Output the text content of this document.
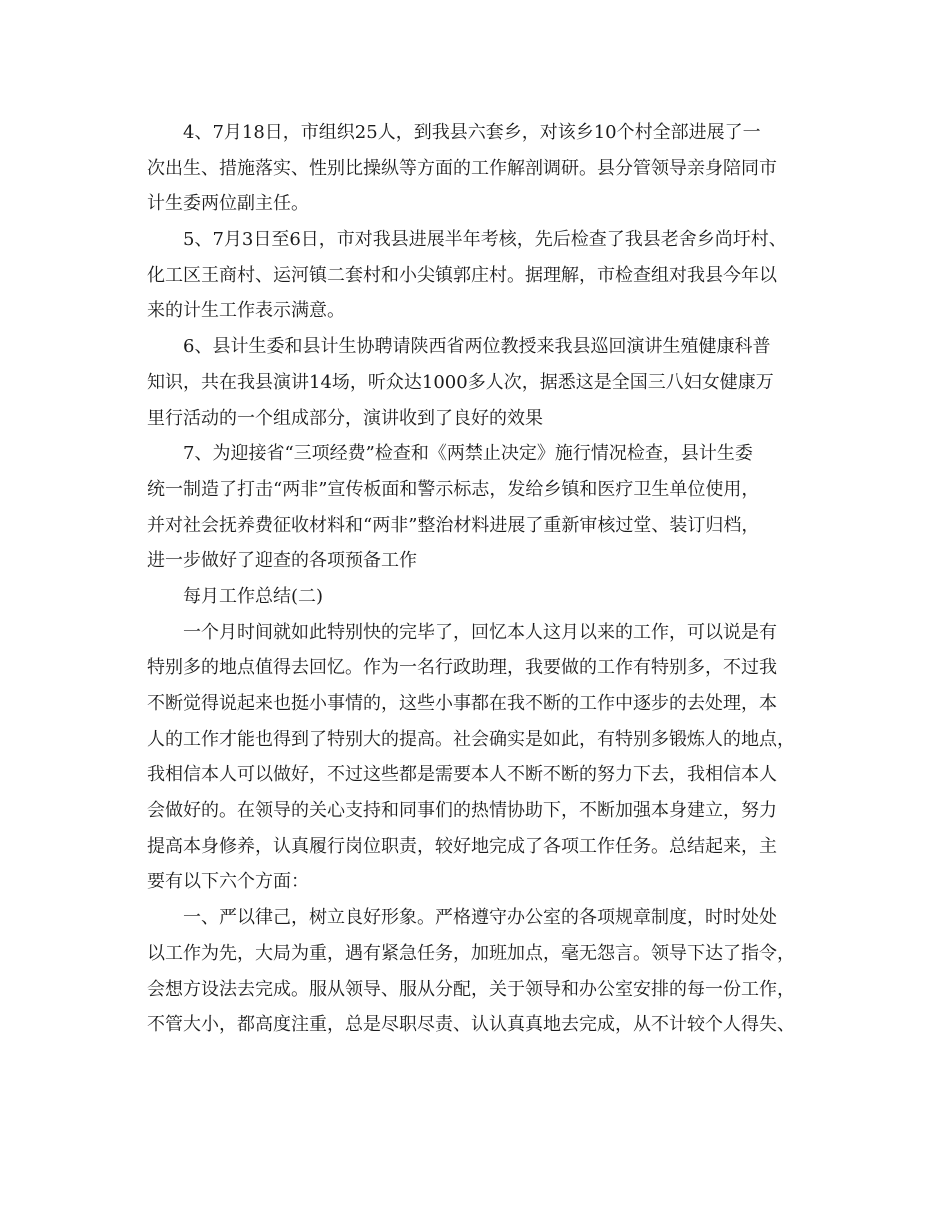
4、7月18日，市组织25人，到我县六套乡，对该乡10个村全部进展了一
次出生、措施落实、性别比操纵等方面的工作解剖调研。县分管领导亲身陪同市
计生委两位副主任。
5、7月3日至6日，市对我县进展半年考核，先后检查了我县老舍乡尚圩村、
化工区王商村、运河镇二套村和小尖镇郭庄村。据理解，市检查组对我县今年以
来的计生工作表示满意。
6、县计生委和县计生协聘请陕西省两位教授来我县巡回演讲生殖健康科普
知识，共在我县演讲14场，听众达1000多人次，据悉这是全国三八妇女健康万
里行活动的一个组成部分，演讲收到了良好的效果
7、为迎接省“三项经费”检查和《两禁止决定》施行情况检查，县计生委
统一制造了打击“两非”宣传板面和警示标志，发给乡镇和医疗卫生单位使用，
并对社会抚养费征收材料和“两非”整治材料进展了重新审核过堂、装订归档，
进一步做好了迎查的各项预备工作
每月工作总结(二)
一个月时间就如此特别快的完毕了，回忆本人这月以来的工作，可以说是有
特别多的地点值得去回忆。作为一名行政助理，我要做的工作有特别多，不过我
不断觉得说起来也挺小事情的，这些小事都在我不断的工作中逐步的去处理，本
人的工作才能也得到了特别大的提高。社会确实是如此，有特别多锻炼人的地点，
我相信本人可以做好，不过这些都是需要本人不断不断的努力下去，我相信本人
会做好的。在领导的关心支持和同事们的热情协助下，不断加强本身建立，努力
提高本身修养，认真履行岗位职责，较好地完成了各项工作任务。总结起来，主
要有以下六个方面：
一、严以律己，树立良好形象。严格遵守办公室的各项规章制度，时时处处
以工作为先，大局为重，遇有紧急任务，加班加点，毫无怨言。领导下达了指令，
会想方设法去完成。服从领导、服从分配，关于领导和办公室安排的每一份工作，
不管大小，都高度注重，总是尽职尽责、认认真真地去完成，从不计较个人得失、
